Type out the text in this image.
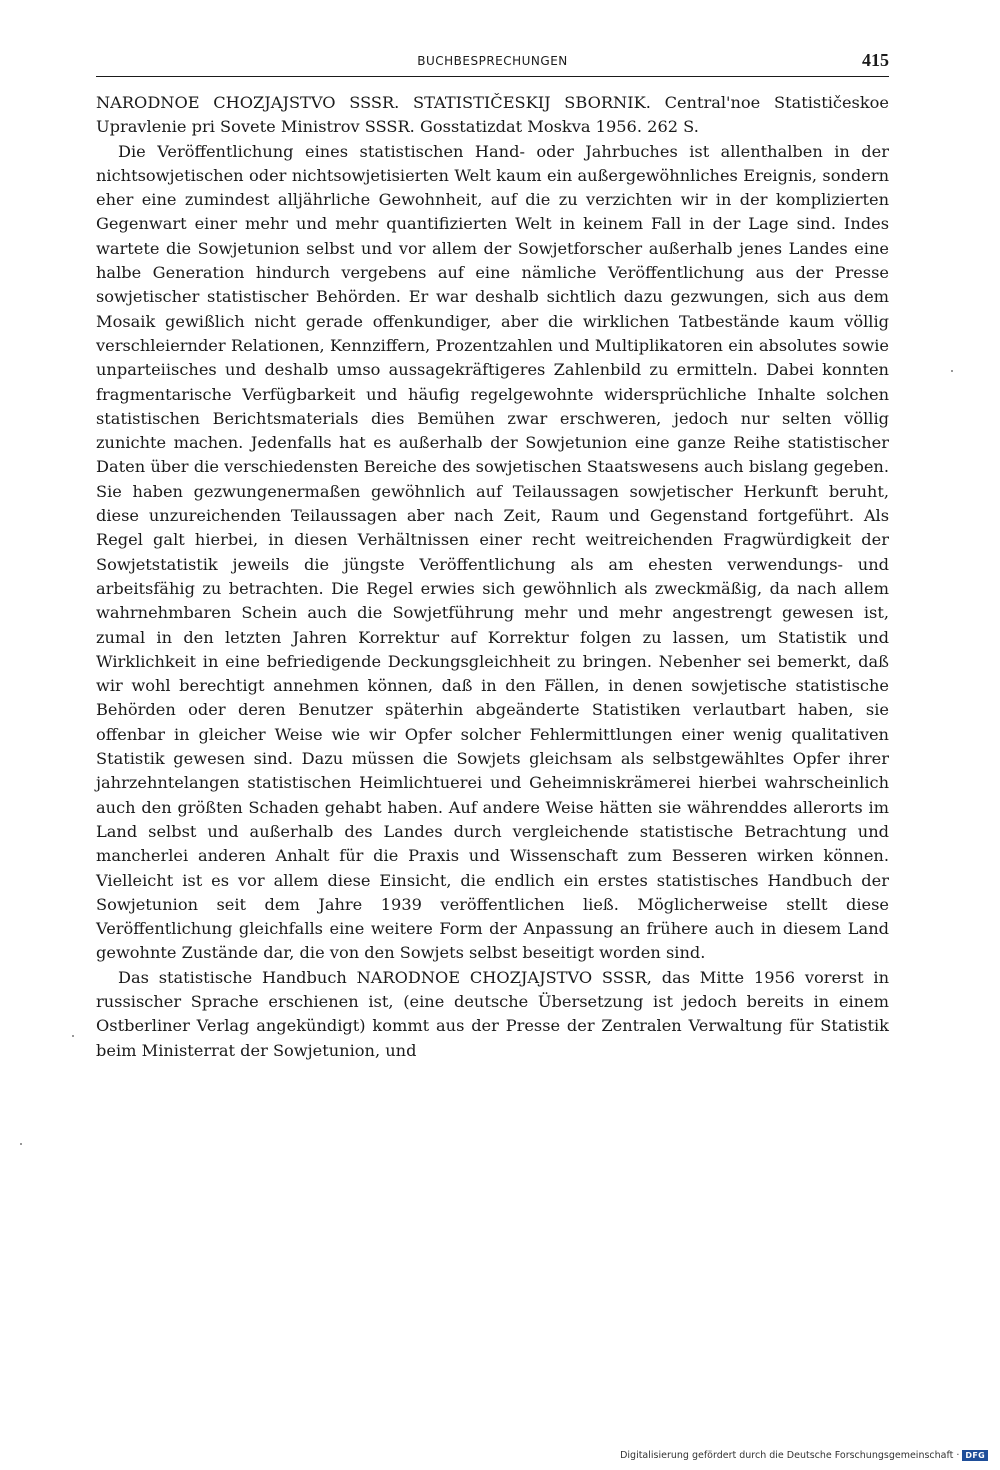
BUCHBESPRECHUNGEN	415

NARODNOE CHOZJAJSTVO SSSR. STATISTIČESKIJ SBORNIK. Central'noe Statističeskoe Upravlenie pri Sovete Ministrov SSSR. Gosstatizdat Moskva 1956. 262 S.

Die Veröffentlichung eines statistischen Hand- oder Jahrbuches ist allenthalben in der nichtsowjetischen oder nichtsowjetisierten Welt kaum ein außergewöhnliches Ereignis, sondern eher eine zumindest alljährliche Gewohnheit, auf die zu verzichten wir in der komplizierten Gegenwart einer mehr und mehr quantifizierten Welt in keinem Fall in der Lage sind. Indes wartete die Sowjetunion selbst und vor allem der Sowjetforscher außerhalb jenes Landes eine halbe Generation hindurch vergebens auf eine nämliche Veröffentlichung aus der Presse sowjetischer statistischer Behörden. Er war deshalb sichtlich dazu gezwungen, sich aus dem Mosaik gewißlich nicht gerade offenkundiger, aber die wirklichen Tatbestände kaum völlig verschleiernder Relationen, Kennziffern, Prozentzahlen und Multiplikatoren ein absolutes sowie unparteiisches und deshalb umso aussagekräftigeres Zahlenbild zu ermitteln. Dabei konnten fragmentarische Verfügbarkeit und häufig regelgewohnte widersprüchliche Inhalte solchen statistischen Berichtsmaterials dies Bemühen zwar erschweren, jedoch nur selten völlig zunichte machen. Jedenfalls hat es außerhalb der Sowjetunion eine ganze Reihe statistischer Daten über die verschiedensten Bereiche des sowjetischen Staatswesens auch bislang gegeben. Sie haben gezwungenermaßen gewöhnlich auf Teilaussagen sowjetischer Herkunft beruht, diese unzureichenden Teilaussagen aber nach Zeit, Raum und Gegenstand fortgeführt. Als Regel galt hierbei, in diesen Verhältnissen einer recht weitreichenden Fragwürdigkeit der Sowjetstatistik jeweils die jüngste Veröffentlichung als am ehesten verwendungs- und arbeitsfähig zu betrachten. Die Regel erwies sich gewöhnlich als zweckmäßig, da nach allem wahrnehmbaren Schein auch die Sowjetführung mehr und mehr angestrengt gewesen ist, zumal in den letzten Jahren Korrektur auf Korrektur folgen zu lassen, um Statistik und Wirklichkeit in eine befriedigende Deckungsgleichheit zu bringen. Nebenher sei bemerkt, daß wir wohl berechtigt annehmen können, daß in den Fällen, in denen sowjetische statistische Behörden oder deren Benutzer späterhin abgeänderte Statistiken verlautbart haben, sie offenbar in gleicher Weise wie wir Opfer solcher Fehlermittlungen einer wenig qualitativen Statistik gewesen sind. Dazu müssen die Sowjets gleichsam als selbstgewähltes Opfer ihrer jahrzehntelangen statistischen Heimlichtuerei und Geheimniskrämerei hierbei wahrscheinlich auch den größten Schaden gehabt haben. Auf andere Weise hätten sie währenddes allerorts im Land selbst und außerhalb des Landes durch vergleichende statistische Betrachtung und mancherlei anderen Anhalt für die Praxis und Wissenschaft zum Besseren wirken können. Vielleicht ist es vor allem diese Einsicht, die endlich ein erstes statistisches Handbuch der Sowjetunion seit dem Jahre 1939 veröffentlichen ließ. Möglicherweise stellt diese Veröffentlichung gleichfalls eine weitere Form der Anpassung an frühere auch in diesem Land gewohnte Zustände dar, die von den Sowjets selbst beseitigt worden sind.

Das statistische Handbuch NARODNOE CHOZJAJSTVO SSSR, das Mitte 1956 vorerst in russischer Sprache erschienen ist, (eine deutsche Übersetzung ist jedoch bereits in einem Ostberliner Verlag angekündigt) kommt aus der Presse der Zentralen Verwaltung für Statistik beim Ministerrat der Sowjetunion, und

Digitalisierung gefördert durch die Deutsche Forschungsgemeinschaft · DFG
